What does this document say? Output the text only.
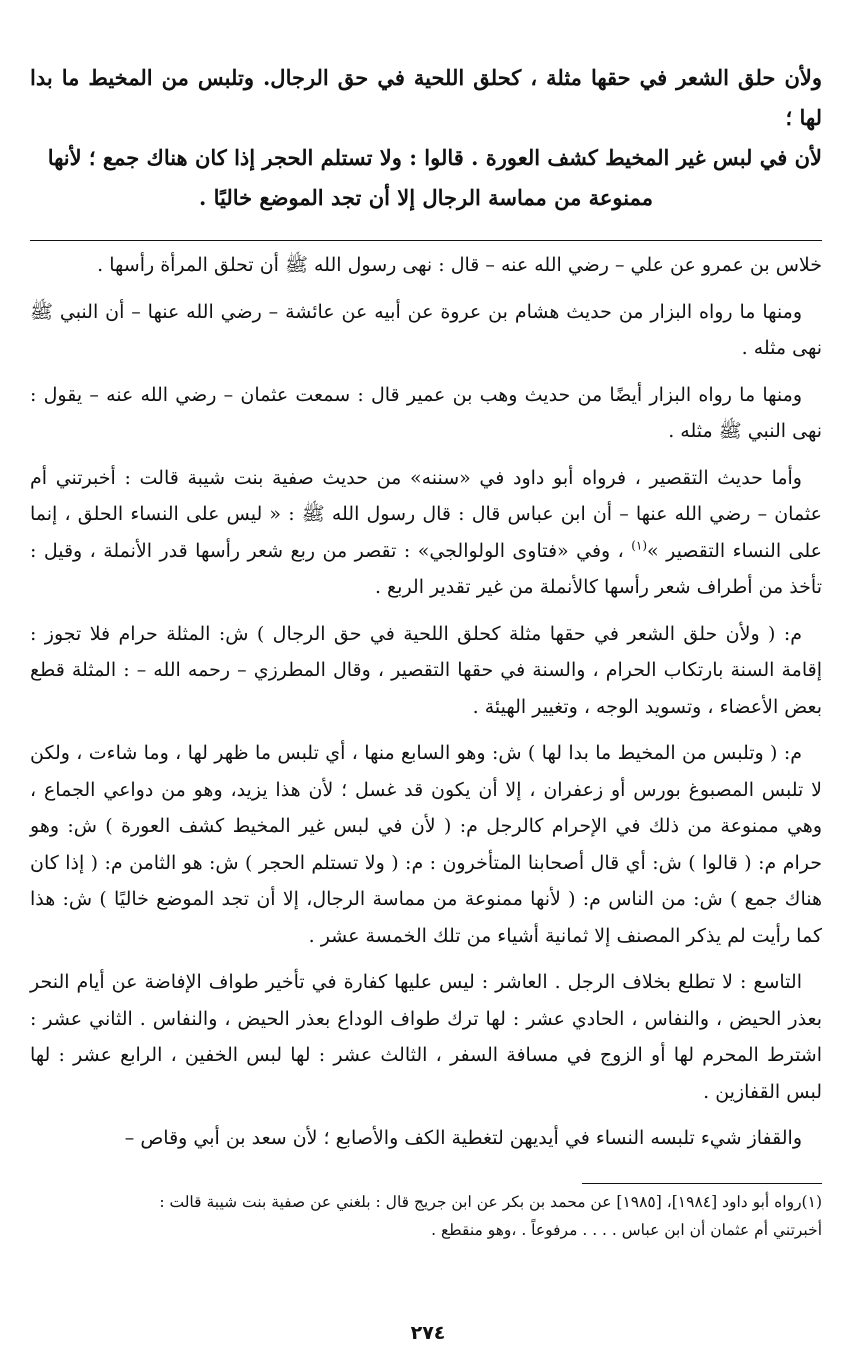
ولأن حلق الشعر في حقها مثلة ، كحلق اللحية في حق الرجال. وتلبس من المخيط ما بدا لها ؛

لأن في لبس غير المخيط كشف العورة . قالوا : ولا تستلم الحجر إذا كان هناك جمع ؛ لأنها

ممنوعة من مماسة الرجال إلا أن تجد الموضع خاليًا .

خلاس بن عمرو عن علي – رضي الله عنه – قال : نهى رسول الله ﷺ أن تحلق المرأة رأسها .

ومنها ما رواه البزار من حديث هشام بن عروة عن أبيه عن عائشة – رضي الله عنها – أن النبي ﷺ نهى مثله .

ومنها ما رواه البزار أيضًا من حديث وهب بن عمير قال : سمعت عثمان – رضي الله عنه – يقول : نهى النبي ﷺ مثله .

وأما حديث التقصير ، فرواه أبو داود في «سننه» من حديث صفية بنت شيبة قالت : أخبرتني أم عثمان – رضي الله عنها – أن ابن عباس قال : قال رسول الله ﷺ : « ليس على النساء الحلق ، إنما على النساء التقصير »$^{(١)}$ ، وفي «فتاوى الولوالجي» : تقصر من ربع شعر رأسها قدر الأنملة ، وقيل : تأخذ من أطراف شعر رأسها كالأنملة من غير تقدير الربع .

م: ( ولأن حلق الشعر في حقها مثلة كحلق اللحية في حق الرجال ) ش: المثلة حرام فلا تجوز : إقامة السنة بارتكاب الحرام ، والسنة في حقها التقصير ، وقال المطرزي – رحمه الله – : المثلة قطع بعض الأعضاء ، وتسويد الوجه ، وتغيير الهيئة .

م: ( وتلبس من المخيط ما بدا لها ) ش: وهو السابع منها ، أي تلبس ما ظهر لها ، وما شاءت ، ولكن لا تلبس المصبوغ بورس أو زعفران ، إلا أن يكون قد غسل ؛ لأن هذا يزيد، وهو من دواعي الجماع ، وهي ممنوعة من ذلك في الإحرام كالرجل م: ( لأن في لبس غير المخيط كشف العورة ) ش: وهو حرام م: ( قالوا ) ش: أي قال أصحابنا المتأخرون : م: ( ولا تستلم الحجر ) ش: هو الثامن م: ( إذا كان هناك جمع ) ش: من الناس م: ( لأنها ممنوعة من مماسة الرجال، إلا أن تجد الموضع خاليًا ) ش: هذا كما رأيت لم يذكر المصنف إلا ثمانية أشياء من تلك الخمسة عشر .

التاسع : لا تطلع بخلاف الرجل . العاشر : ليس عليها كفارة في تأخير طواف الإفاضة عن أيام النحر بعذر الحيض ، والنفاس ، الحادي عشر : لها ترك طواف الوداع بعذر الحيض ، والنفاس . الثاني عشر : اشترط المحرم لها أو الزوج في مسافة السفر ، الثالث عشر : لها لبس الخفين ، الرابع عشر : لها لبس القفازين .

والقفاز شيء تلبسه النساء في أيديهن لتغطية الكف والأصابع ؛ لأن سعد بن أبي وقاص –

(١)رواه أبو داود [١٩٨٤]، [١٩٨٥] عن محمد بن بكر عن ابن جريج قال : بلغني عن صفية بنت شيبة قالت :

أخبرتني أم عثمان أن ابن عباس . . . . مرفوعاً . ،وهو منقطع .

٢٧٤
